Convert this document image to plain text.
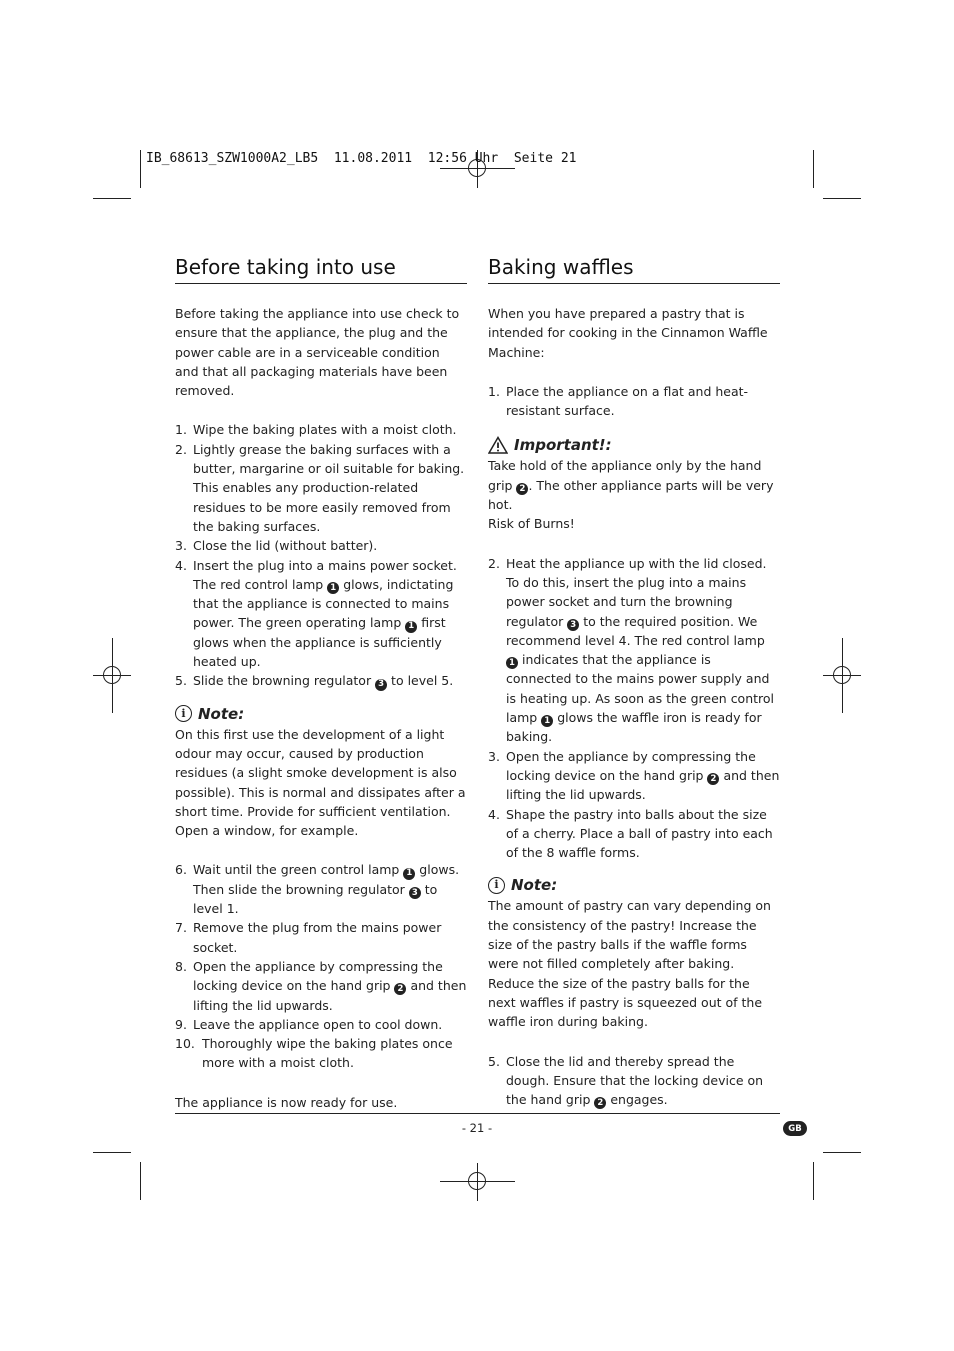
IB_68613_SZW1000A2_LB5  11.08.2011  12:56 Uhr  Seite 21
Before taking into use

Before taking the appliance into use check to ensure that the appliance, the plug and the power cable are in a serviceable condition and that all packaging materials have been removed.

1. Wipe the baking plates with a moist cloth.
2. Lightly grease the baking surfaces with a butter, margarine or oil suitable for baking. This enables any production-related residues to be more easily removed from the baking surfaces.
3. Close the lid (without batter).
4. Insert the plug into a mains power socket. The red control lamp 1 glows, indictating that the appliance is connected to mains power. The green operating lamp 1 first glows when the appliance is sufficiently heated up.
5. Slide the browning regulator 3 to level 5.
i Note:

On this first use the development of a light odour may occur, caused by production residues (a slight smoke development is also possible). This is normal and dissipates after a short time. Provide for sufficient ventilation. Open a window, for example.

6. Wait until the green control lamp 1 glows. Then slide the browning regulator 3 to level 1.
7. Remove the plug from the mains power socket.
8. Open the appliance by compressing the locking device on the hand grip 2 and then lifting the lid upwards.
9. Leave the appliance open to cool down.
10. Thoroughly wipe the baking plates once more with a moist cloth.

The appliance is now ready for use.

Baking waffles

When you have prepared a pastry that is intended for cooking in the Cinnamon Waffle Machine:

1. Place the appliance on a flat and heat-resistant surface.
Important!:

Take hold of the appliance only by the hand grip 2 . The other appliance parts will be very hot.

Risk of Burns!

2. Heat the appliance up with the lid closed. To do this, insert the plug into a mains power socket and turn the browning regulator 3 to the required position. We recommend level 4. The red control lamp 1 indicates that the appliance is connected to the mains power supply and is heating up. As soon as the green control lamp 1 glows the waffle iron is ready for baking.
3. Open the appliance by compressing the locking device on the hand grip 2 and then lifting the lid upwards.
4. Shape the pastry into balls about the size of a cherry. Place a ball of pastry into each of the 8 waffle forms.
i Note:

The amount of pastry can vary depending on the consistency of the pastry! Increase the size of the pastry balls if the waffle forms were not filled completely after baking. Reduce the size of the pastry balls for the next waffles if pastry is squeezed out of the waffle iron during baking.

5. Close the lid and thereby spread the dough. Ensure that the locking device on the hand grip 2 engages.
- 21 -	GB
